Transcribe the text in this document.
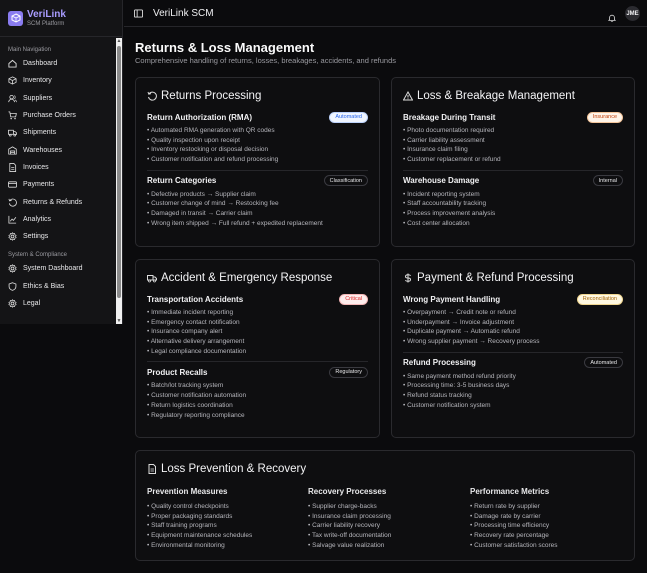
VeriLink
SCM Platform
Main Navigation
Dashboard
Inventory
Suppliers
Purchase Orders
Shipments
Warehouses
Invoices
Payments
Returns & Refunds
Analytics
Settings
System & Compliance
System Dashboard
Ethics & Bias
Legal
▲
▼
VeriLink SCM	JME
Returns & Loss Management
Comprehensive handling of returns, losses, breakages, accidents, and refunds
Returns Processing
Return Authorization (RMA)	Automated
• Automated RMA generation with QR codes
• Quality inspection upon receipt
• Inventory restocking or disposal decision
• Customer notification and refund processing
Return Categories	Classification
• Defective products → Supplier claim
• Customer change of mind → Restocking fee
• Damaged in transit → Carrier claim
• Wrong item shipped → Full refund + expedited replacement
Loss & Breakage Management
Breakage During Transit	Insurance
• Photo documentation required
• Carrier liability assessment
• Insurance claim filing
• Customer replacement or refund
Warehouse Damage	Internal
• Incident reporting system
• Staff accountability tracking
• Process improvement analysis
• Cost center allocation
Accident & Emergency Response
Transportation Accidents	Critical
• Immediate incident reporting
• Emergency contact notification
• Insurance company alert
• Alternative delivery arrangement
• Legal compliance documentation
Product Recalls	Regulatory
• Batch/lot tracking system
• Customer notification automation
• Return logistics coordination
• Regulatory reporting compliance
Payment & Refund Processing
Wrong Payment Handling	Reconciliation
• Overpayment → Credit note or refund
• Underpayment → Invoice adjustment
• Duplicate payment → Automatic refund
• Wrong supplier payment → Recovery process
Refund Processing	Automated
• Same payment method refund priority
• Processing time: 3-5 business days
• Refund status tracking
• Customer notification system
Loss Prevention & Recovery
Prevention Measures
• Quality control checkpoints
• Proper packaging standards
• Staff training programs
• Equipment maintenance schedules
• Environmental monitoring
Recovery Processes
• Supplier charge-backs
• Insurance claim processing
• Carrier liability recovery
• Tax write-off documentation
• Salvage value realization
Performance Metrics
• Return rate by supplier
• Damage rate by carrier
• Processing time efficiency
• Recovery rate percentage
• Customer satisfaction scores
